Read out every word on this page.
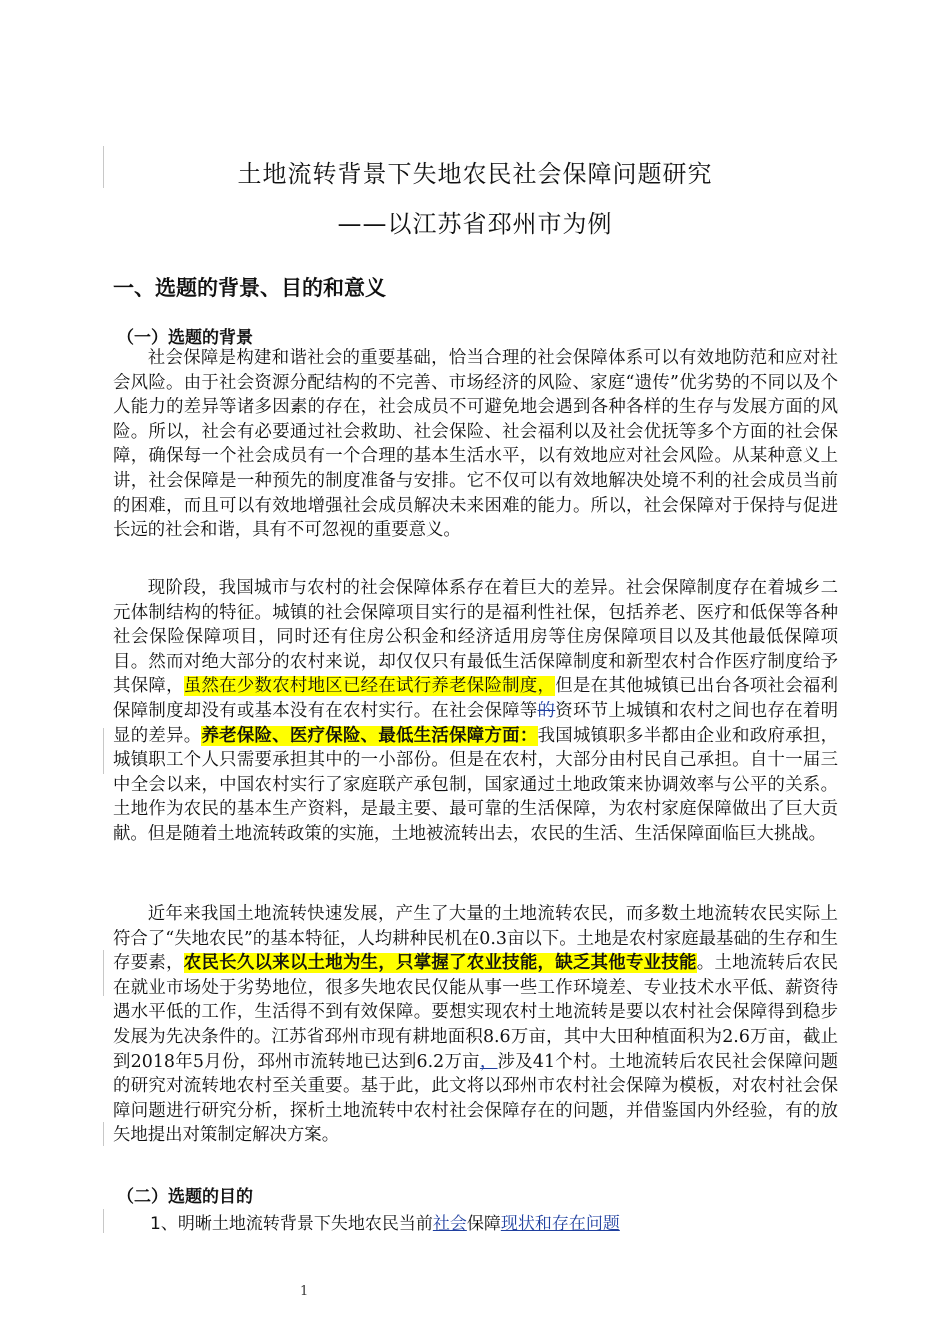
土地流转背景下失地农民社会保障问题研究
——以江苏省邳州市为例
一、选题的背景、目的和意义
（一）选题的背景

社会保障是构建和谐社会的重要基础，恰当合理的社会保障体系可以有效地防范和应对社会风险。由于社会资源分配结构的不完善、市场经济的风险、家庭“遗传”优劣势的不同以及个人能力的差异等诸多因素的存在，社会成员不可避免地会遇到各种各样的生存与发展方面的风险。所以，社会有必要通过社会救助、社会保险、社会福利以及社会优抚等多个方面的社会保障，确保每一个社会成员有一个合理的基本生活水平，以有效地应对社会风险。从某种意义上讲，社会保障是一种预先的制度准备与安排。它不仅可以有效地解决处境不利的社会成员当前的困难，而且可以有效地增强社会成员解决未来困难的能力。所以，社会保障对于保持与促进长远的社会和谐，具有不可忽视的重要意义。

现阶段，我国城市与农村的社会保障体系存在着巨大的差异。社会保障制度存在着城乡二元体制结构的特征。城镇的社会保障项目实行的是福利性社保，包括养老、医疗和低保等各种社会保险保障项目，同时还有住房公积金和经济适用房等住房保障项目以及其他最低保障项目。然而对绝大部分的农村来说，却仅仅只有最低生活保障制度和新型农村合作医疗制度给予其保障，虽然在少数农村地区已经在试行养老保险制度，但是在其他城镇已出台各项社会福利保障制度却没有或基本没有在农村实行。在社会保障等的资环节上城镇和农村之间也存在着明显的差异。养老保险、医疗保险、最低生活保障方面：我国城镇职多半都由企业和政府承担，城镇职工个人只需要承担其中的一小部份。但是在农村，大部分由村民自己承担。自十一届三中全会以来，中国农村实行了家庭联产承包制，国家通过土地政策来协调效率与公平的关系。土地作为农民的基本生产资料，是最主要、最可靠的生活保障，为农村家庭保障做出了巨大贡献。但是随着土地流转政策的实施，土地被流转出去，农民的生活、生活保障面临巨大挑战。

近年来我国土地流转快速发展，产生了大量的土地流转农民，而多数土地流转农民实际上符合了“失地农民”的基本特征，人均耕种民机在0.3亩以下。土地是农村家庭最基础的生存和生存要素，农民长久以来以土地为生，只掌握了农业技能，缺乏其他专业技能。土地流转后农民在就业市场处于劣势地位，很多失地农民仅能从事一些工作环境差、专业技术水平低、薪资待遇水平低的工作，生活得不到有效保障。要想实现农村土地流转是要以农村社会保障得到稳步发展为先决条件的。江苏省邳州市现有耕地面积8.6万亩，其中大田种植面积为2.6万亩，截止到2018年5月份，邳州市流转地已达到6.2万亩，涉及41个村。土地流转后农民社会保障问题的研究对流转地农村至关重要。基于此，此文将以邳州市农村社会保障为模板，对农村社会保障问题进行研究分析，探析土地流转中农村社会保障存在的问题，并借鉴国内外经验，有的放矢地提出对策制定解决方案。

（二）选题的目的
1、明晰土地流转背景下失地农民当前社会保障现状和存在问题
1
